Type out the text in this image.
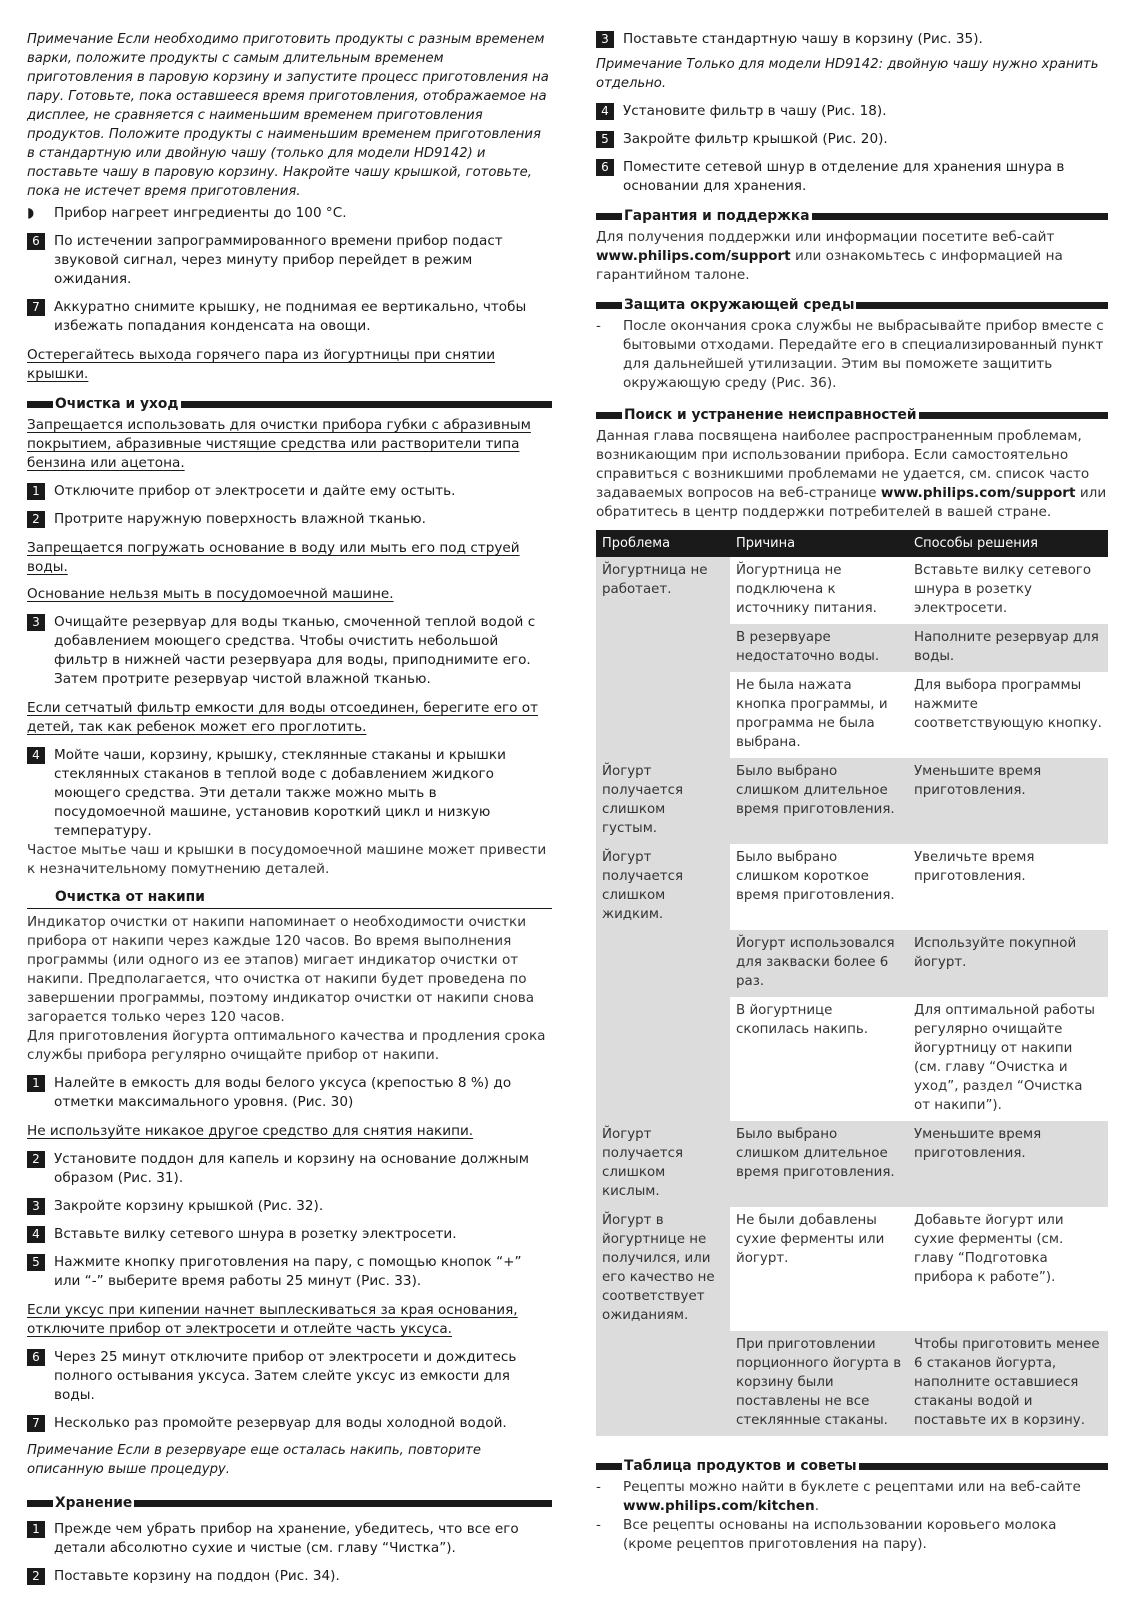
Примечание Если необходимо приготовить продукты с разным временем варки, положите продукты с самым длительным временем приготовления в паровую корзину и запустите процесс приготовления на пару. Готовьте, пока оставшееся время приготовления, отображаемое на дисплее, не сравняется с наименьшим временем приготовления продуктов. Положите продукты с наименьшим временем приготовления в стандартную или двойную чашу (только для модели HD9142) и поставьте чашу в паровую корзину. Накройте чашу крышкой, готовьте, пока не истечет время приготовления.

◗	Прибор нагреет ингредиенты до 100 °C.
6	По истечении запрограммированного времени прибор подаст звуковой сигнал, через минуту прибор перейдет в режим ожидания.
7	Аккуратно снимите крышку, не поднимая ее вертикально, чтобы избежать попадания конденсата на овощи.

Остерегайтесь выхода горячего пара из йогуртницы при снятии крышки.

Очистка и уход

Запрещается использовать для очистки прибора губки с абразивным покрытием, абразивные чистящие средства или растворители типа бензина или ацетона.

1	Отключите прибор от электросети и дайте ему остыть.
2	Протрите наружную поверхность влажной тканью.

Запрещается погружать основание в воду или мыть его под струей воды.

Основание нельзя мыть в посудомоечной машине.

3	Очищайте резервуар для воды тканью, смоченной теплой водой с добавлением моющего средства. Чтобы очистить небольшой фильтр в нижней части резервуара для воды, приподнимите его. Затем протрите резервуар чистой влажной тканью.

Если сетчатый фильтр емкости для воды отсоединен, берегите его от детей, так как ребенок может его проглотить.

4	Мойте чаши, корзину, крышку, стеклянные стаканы и крышки стеклянных стаканов в теплой воде с добавлением жидкого моющего средства. Эти детали также можно мыть в посудомоечной машине, установив короткий цикл и низкую температуру.

Частое мытье чаш и крышки в посудомоечной машине может привести к незначительному помутнению деталей.

Очистка от накипи

Индикатор очистки от накипи напоминает о необходимости очистки прибора от накипи через каждые 120 часов. Во время выполнения программы (или одного из ее этапов) мигает индикатор очистки от накипи. Предполагается, что очистка от накипи будет проведена по завершении программы, поэтому индикатор очистки от накипи снова загорается только через 120 часов.

Для приготовления йогурта оптимального качества и продления срока службы прибора регулярно очищайте прибор от накипи.

1	Налейте в емкость для воды белого уксуса (крепостью 8 %) до отметки максимального уровня. (Рис. 30)

Не используйте никакое другое средство для снятия накипи.

2	Установите поддон для капель и корзину на основание должным образом (Рис. 31).
3	Закройте корзину крышкой (Рис. 32).
4	Вставьте вилку сетевого шнура в розетку электросети.
5	Нажмите кнопку приготовления на пару, с помощью кнопок “+” или “-” выберите время работы 25 минут (Рис. 33).

Если уксус при кипении начнет выплескиваться за края основания, отключите прибор от электросети и отлейте часть уксуса.

6	Через 25 минут отключите прибор от электросети и дождитесь полного остывания уксуса. Затем слейте уксус из емкости для воды.
7	Несколько раз промойте резервуар для воды холодной водой.

Примечание Если в резервуаре еще осталась накипь, повторите описанную выше процедуру.

Хранение
1	Прежде чем убрать прибор на хранение, убедитесь, что все его детали абсолютно сухие и чистые (см. главу “Чистка”).
2	Поставьте корзину на поддон (Рис. 34).
3	Поставьте стандартную чашу в корзину (Рис. 35).

Примечание Только для модели HD9142: двойную чашу нужно хранить отдельно.

4	Установите фильтр в чашу (Рис. 18).
5	Закройте фильтр крышкой (Рис. 20).
6	Поместите сетевой шнур в отделение для хранения шнура в основании для хранения.
Гарантия и поддержка

Для получения поддержки или информации посетите веб-сайт www.philips.com/support или ознакомьтесь с информацией на гарантийном талоне.

Защита окружающей среды
-	После окончания срока службы не выбрасывайте прибор вместе с бытовыми отходами. Передайте его в специализированный пункт для дальнейшей утилизации. Этим вы поможете защитить окружающую среду (Рис. 36).
Поиск и устранение неисправностей

Данная глава посвящена наиболее распространенным проблемам, возникающим при использовании прибора. Если самостоятельно справиться с возникшими проблемами не удается, см. список часто задаваемых вопросов на веб-странице www.philips.com/support или обратитесь в центр поддержки потребителей в вашей стране.

Проблема	Причина	Способы решения
Йогуртница не работает.	Йогуртница не подключена к источнику питания.	Вставьте вилку сетевого шнура в розетку электросети.
	В резервуаре недостаточно воды.	Наполните резервуар для воды.
	Не была нажата кнопка программы, и программа не была выбрана.	Для выбора программы нажмите соответствующую кнопку.
Йогурт получается слишком густым.	Было выбрано слишком длительное время приготовления.	Уменьшите время приготовления.
Йогурт получается слишком жидким.	Было выбрано слишком короткое время приготовления.	Увеличьте время приготовления.
	Йогурт использовался для закваски более 6 раз.	Используйте покупной йогурт.
	В йогуртнице скопилась накипь.	Для оптимальной работы регулярно очищайте йогуртницу от накипи (см. главу “Очистка и уход”, раздел “Очистка от накипи”).
Йогурт получается слишком кислым.	Было выбрано слишком длительное время приготовления.	Уменьшите время приготовления.
Йогурт в йогуртнице не получился, или его качество не соответствует ожиданиям.	Не были добавлены сухие ферменты или йогурт.	Добавьте йогурт или сухие ферменты (см. главу “Подготовка прибора к работе”).
	При приготовлении порционного йогурта в корзину были поставлены не все стеклянные стаканы.	Чтобы приготовить менее 6 стаканов йогурта, наполните оставшиеся стаканы водой и поставьте их в корзину.
Таблица продуктов и советы
-	Рецепты можно найти в буклете с рецептами или на веб-сайте www.philips.com/kitchen.
-	Все рецепты основаны на использовании коровьего молока (кроме рецептов приготовления на пару).
